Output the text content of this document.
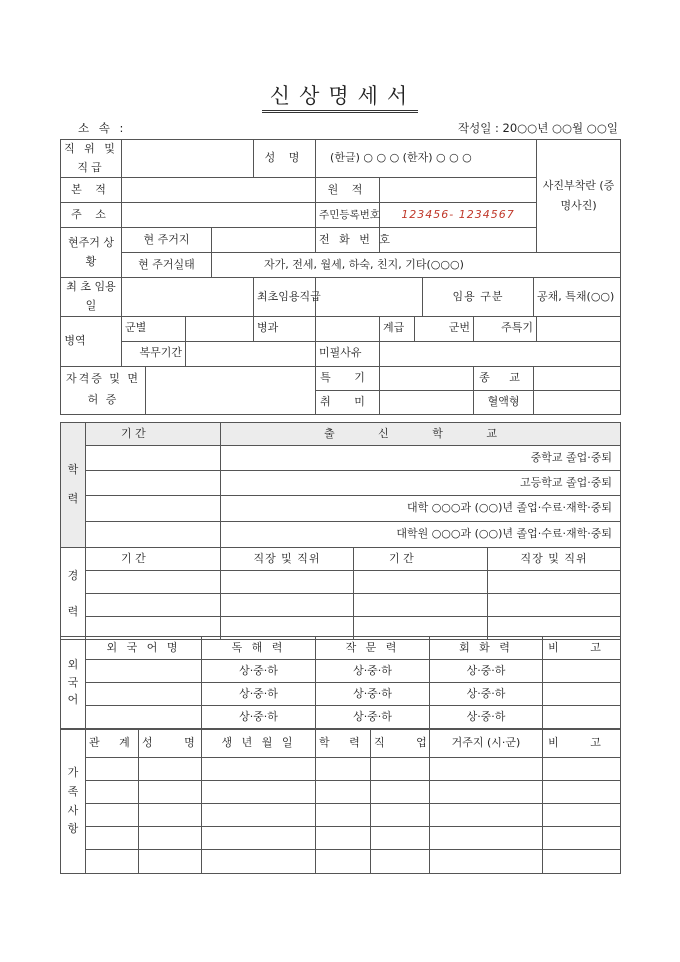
신상명세서
소 속 :	작성일 : 20○○년 ○○월 ○○일
직 위 및 직급					성 명	(한글) ○ ○ ○ (한자) ○ ○ ○						사진부착란 (증명사진)
본 적						원 적						
주 소						주민등록번호	123456- 1234567					
현주거 상 황	현 주거지					전 화 번 호						
	현 주거실태			자가, 전세, 월세, 하숙, 친지, 기타(○○○)								
최 초 임용일					최초임용직급				임용 구분		공채, 특채(○○)	

병역	군별				병과		계급	군번		주특기		
	복무기간					미필사유						
자격증 및 면 허 증						특 기				종 교		
						취 미				혈액형		
학 력	기 간	출 신 학 교		
		중학교 졸업·중퇴		
		고등학교 졸업·중퇴		
		대학 ○○○과 (○○)년 졸업·수료·재학·중퇴		
		대학원 ○○○과 (○○)년 졸업·수료·재학·중퇴		
경 력	기 간	직장 및 직위	기 간	직장 및 직위

외 국 어	외 국 어 명	독 해 력	작 문 력	회 화 력	비 고
		상·중·하	상·중·하	상·중·하	
		상·중·하	상·중·하	상·중·하	
		상·중·하	상·중·하	상·중·하	
가 족 사 항	관 계	성 명	생 년 월 일	학 력	직 업	거주지 (시·군)	비 고
